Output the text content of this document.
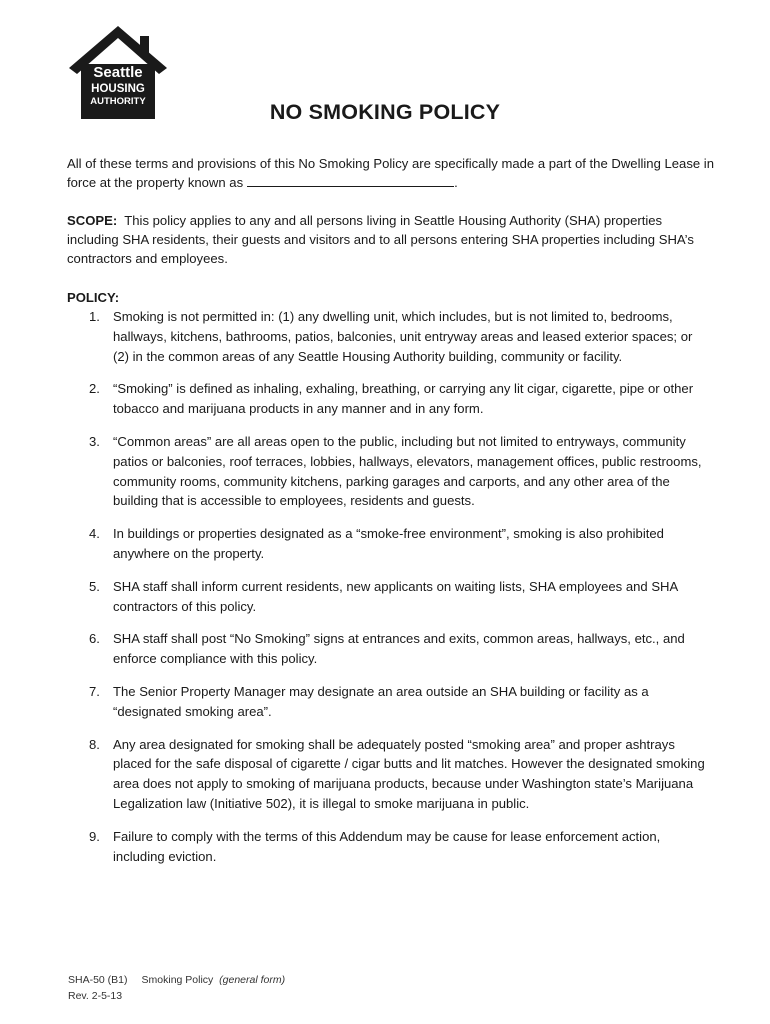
Seattle
HOUSING
AUTHORITY	NO SMOKING POLICY
All of these terms and provisions of this No Smoking Policy are specifically made a part of the Dwelling Lease in force at the property known as	.
SCOPE: This policy applies to any and all persons living in Seattle Housing Authority (SHA) properties including SHA residents, their guests and visitors and to all persons entering SHA properties including SHA’s contractors and employees.
POLICY:
1. Smoking is not permitted in: (1) any dwelling unit, which includes, but is not limited to, bedrooms, hallways, kitchens, bathrooms, patios, balconies, unit entryway areas and leased exterior spaces; or (2) in the common areas of any Seattle Housing Authority building, community or facility.
2. “Smoking” is defined as inhaling, exhaling, breathing, or carrying any lit cigar, cigarette, pipe or other tobacco and marijuana products in any manner and in any form.
3. “Common areas” are all areas open to the public, including but not limited to entryways, community patios or balconies, roof terraces, lobbies, hallways, elevators, management offices, public restrooms, community rooms, community kitchens, parking garages and carports, and any other area of the building that is accessible to employees, residents and guests.
4. In buildings or properties designated as a “smoke-free environment”, smoking is also prohibited anywhere on the property.
5. SHA staff shall inform current residents, new applicants on waiting lists, SHA employees and SHA contractors of this policy.
6. SHA staff shall post “No Smoking” signs at entrances and exits, common areas, hallways, etc., and enforce compliance with this policy.
7. The Senior Property Manager may designate an area outside an SHA building or facility as a “designated smoking area”.
8. Any area designated for smoking shall be adequately posted “smoking area” and proper ashtrays placed for the safe disposal of cigarette / cigar butts and lit matches. However the designated smoking area does not apply to smoking of marijuana products, because under Washington state’s Marijuana Legalization law (Initiative 502), it is illegal to smoke marijuana in public.
9. Failure to comply with the terms of this Addendum may be cause for lease enforcement action, including eviction.
SHA-50 (B1) Smoking Policy (general form)
Rev. 2-5-13
